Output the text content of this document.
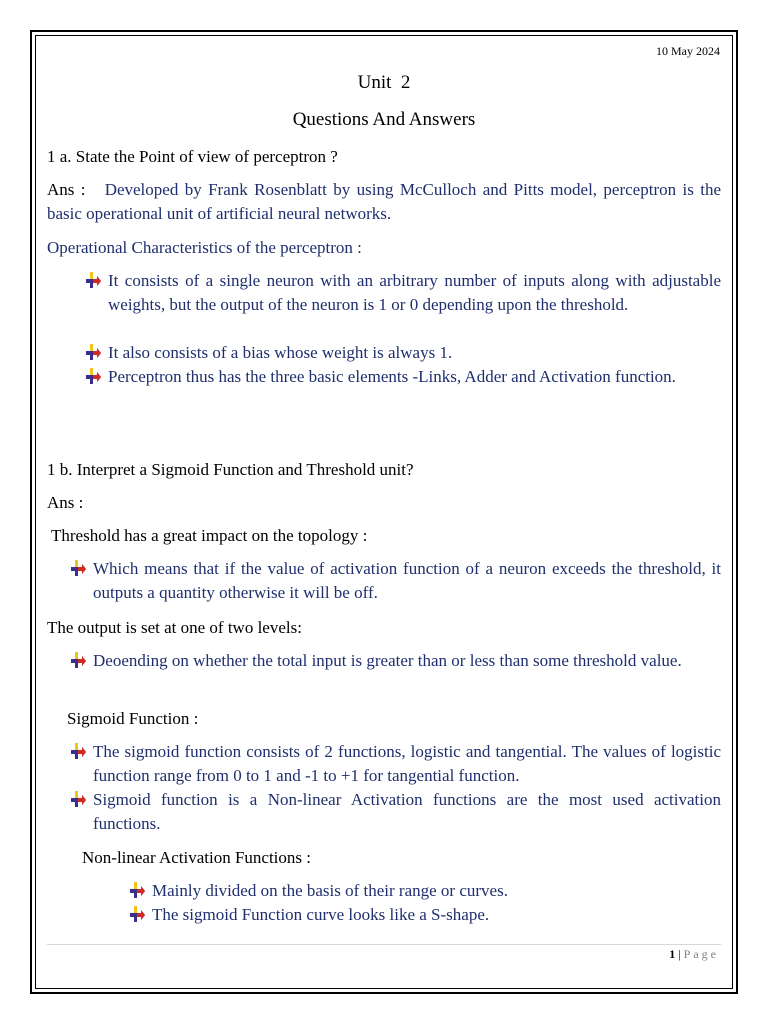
10 May 2024
Unit  2
Questions And Answers
1 a. State the Point of view of perceptron ?
Ans : Developed by Frank Rosenblatt by using McCulloch and Pitts model, perceptron is the basic operational unit of artificial neural networks.
Operational Characteristics of the perceptron :
It consists of a single neuron with an arbitrary number of inputs along with adjustable weights, but the output of the neuron is 1 or 0 depending upon the threshold.
It also consists of a bias whose weight is always 1.
Perceptron thus has the three basic elements -Links, Adder and Activation function.
1 b. Interpret a Sigmoid Function and Threshold unit?
Ans :
Threshold has a great impact on the topology :
Which means that if the value of activation function of a neuron exceeds the threshold, it outputs a quantity otherwise it will be off.
The output is set at one of two levels:
Deoending on whether the total input is greater than or less than some threshold value.
Sigmoid Function :
The sigmoid function consists of 2 functions, logistic and tangential. The values of logistic function range from 0 to 1 and -1 to +1 for tangential function.
Sigmoid function is a Non-linear Activation functions are the most used activation functions.
Non-linear Activation Functions :
Mainly divided on the basis of their range or curves.
The sigmoid Function curve looks like a S-shape.
1 | Page
